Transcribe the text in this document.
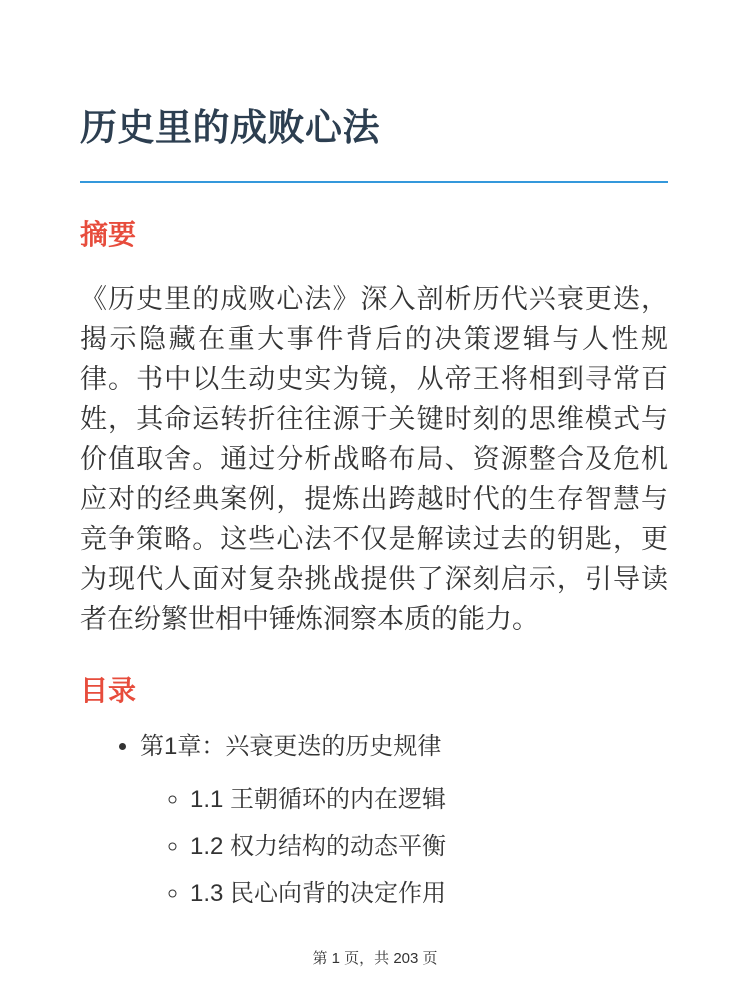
历史里的成败心法
摘要

《历史里的成败心法》深入剖析历代兴衰更迭，揭示隐藏在重大事件背后的决策逻辑与人性规律。书中以生动史实为镜，从帝王将相到寻常百姓，其命运转折往往源于关键时刻的思维模式与价值取舍。通过分析战略布局、资源整合及危机应对的经典案例，提炼出跨越时代的生存智慧与竞争策略。这些心法不仅是解读过去的钥匙，更为现代人面对复杂挑战提供了深刻启示，引导读者在纷繁世相中锤炼洞察本质的能力。

目录
• 第1章：兴衰更迭的历史规律
◦ 1.1 王朝循环的内在逻辑
◦ 1.2 权力结构的动态平衡
◦ 1.3 民心向背的决定作用
第 1 页，共 203 页
